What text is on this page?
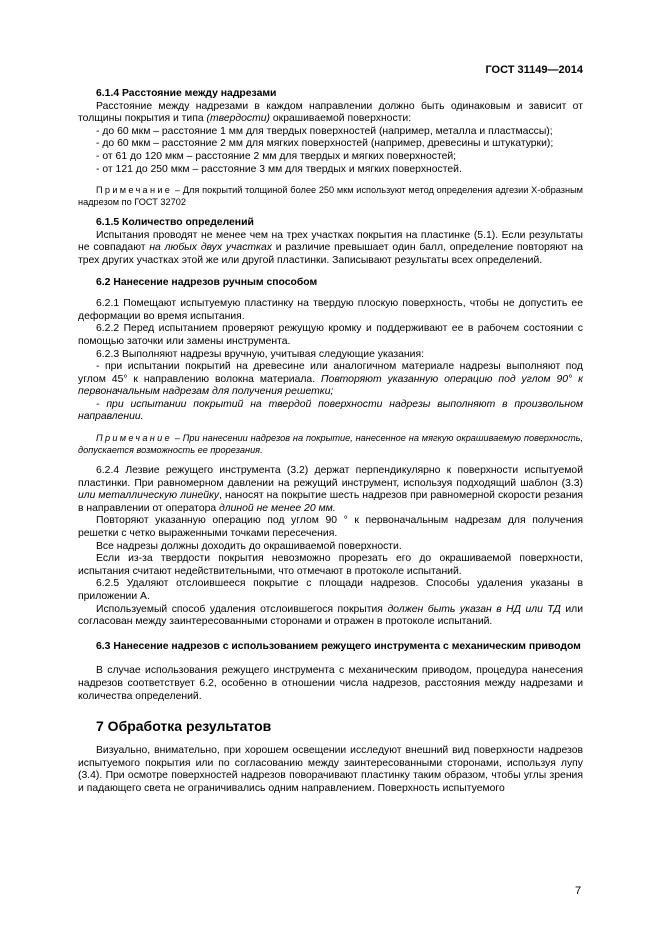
ГОСТ 31149—2014
6.1.4 Расстояние между надрезами

Расстояние между надрезами в каждом направлении должно быть одинаковым и зависит от толщины покрытия и типа (твердости) окрашиваемой поверхности:

- до 60 мкм – расстояние 1 мм для твердых поверхностей (например, металла и пластмассы);

- до 60 мкм – расстояние 2 мм для мягких поверхностей (например, древесины и штукатурки);

- от 61 до 120 мкм – расстояние 2 мм для твердых и мягких поверхностей;

- от 121 до 250 мкм – расстояние 3 мм для твердых и мягких поверхностей.

Примечание – Для покрытий толщиной более 250 мкм используют метод определения адгезии Х-образным надрезом по ГОСТ 32702

6.1.5 Количество определений

Испытания проводят не менее чем на трех участках покрытия на пластинке (5.1). Если результаты не совпадают на любых двух участках и различие превышает один балл, определение повторяют на трех других участках этой же или другой пластинки. Записывают результаты всех определений.

6.2 Нанесение надрезов ручным способом

6.2.1 Помещают испытуемую пластинку на твердую плоскую поверхность, чтобы не допустить ее деформации во время испытания.

6.2.2 Перед испытанием проверяют режущую кромку и поддерживают ее в рабочем состоянии с помощью заточки или замены инструмента.

6.2.3 Выполняют надрезы вручную, учитывая следующие указания:

- при испытании покрытий на древесине или аналогичном материале надрезы выполняют под углом 45° к направлению волокна материала. Повторяют указанную операцию под углом 90° к первоначальным надрезам для получения решетки;

- при испытании покрытий на твердой поверхности надрезы выполняют в произвольном направлении.

Примечание – При нанесении надрезов на покрытие, нанесенное на мягкую окрашиваемую поверхность, допускается возможность ее прорезания.

6.2.4 Лезвие режущего инструмента (3.2) держат перпендикулярно к поверхности испытуемой пластинки. При равномерном давлении на режущий инструмент, используя подходящий шаблон (3.3) или металлическую линейку, наносят на покрытие шесть надрезов при равномерной скорости резания в направлении от оператора длиной не менее 20 мм.

Повторяют указанную операцию под углом 90 ° к первоначальным надрезам для получения решетки с четко выраженными точками пересечения.

Все надрезы должны доходить до окрашиваемой поверхности.

Если из-за твердости покрытия невозможно прорезать его до окрашиваемой поверхности, испытания считают недействительными, что отмечают в протоколе испытаний.

6.2.5 Удаляют отслоившееся покрытие с площади надрезов. Способы удаления указаны в приложении А.

Используемый способ удаления отслоившегося покрытия должен быть указан в НД или ТД или согласован между заинтересованными сторонами и отражен в протоколе испытаний.

6.3 Нанесение надрезов с использованием режущего инструмента с механическим приводом

В случае использования режущего инструмента с механическим приводом, процедура нанесения надрезов соответствует 6.2, особенно в отношении числа надрезов, расстояния между надрезами и количества определений.

7 Обработка результатов

Визуально, внимательно, при хорошем освещении исследуют внешний вид поверхности надрезов испытуемого покрытия или по согласованию между заинтересованными сторонами, используя лупу (3.4). При осмотре поверхностей надрезов поворачивают пластинку таким образом, чтобы углы зрения и падающего света не ограничивались одним направлением. Поверхность испытуемого

7
